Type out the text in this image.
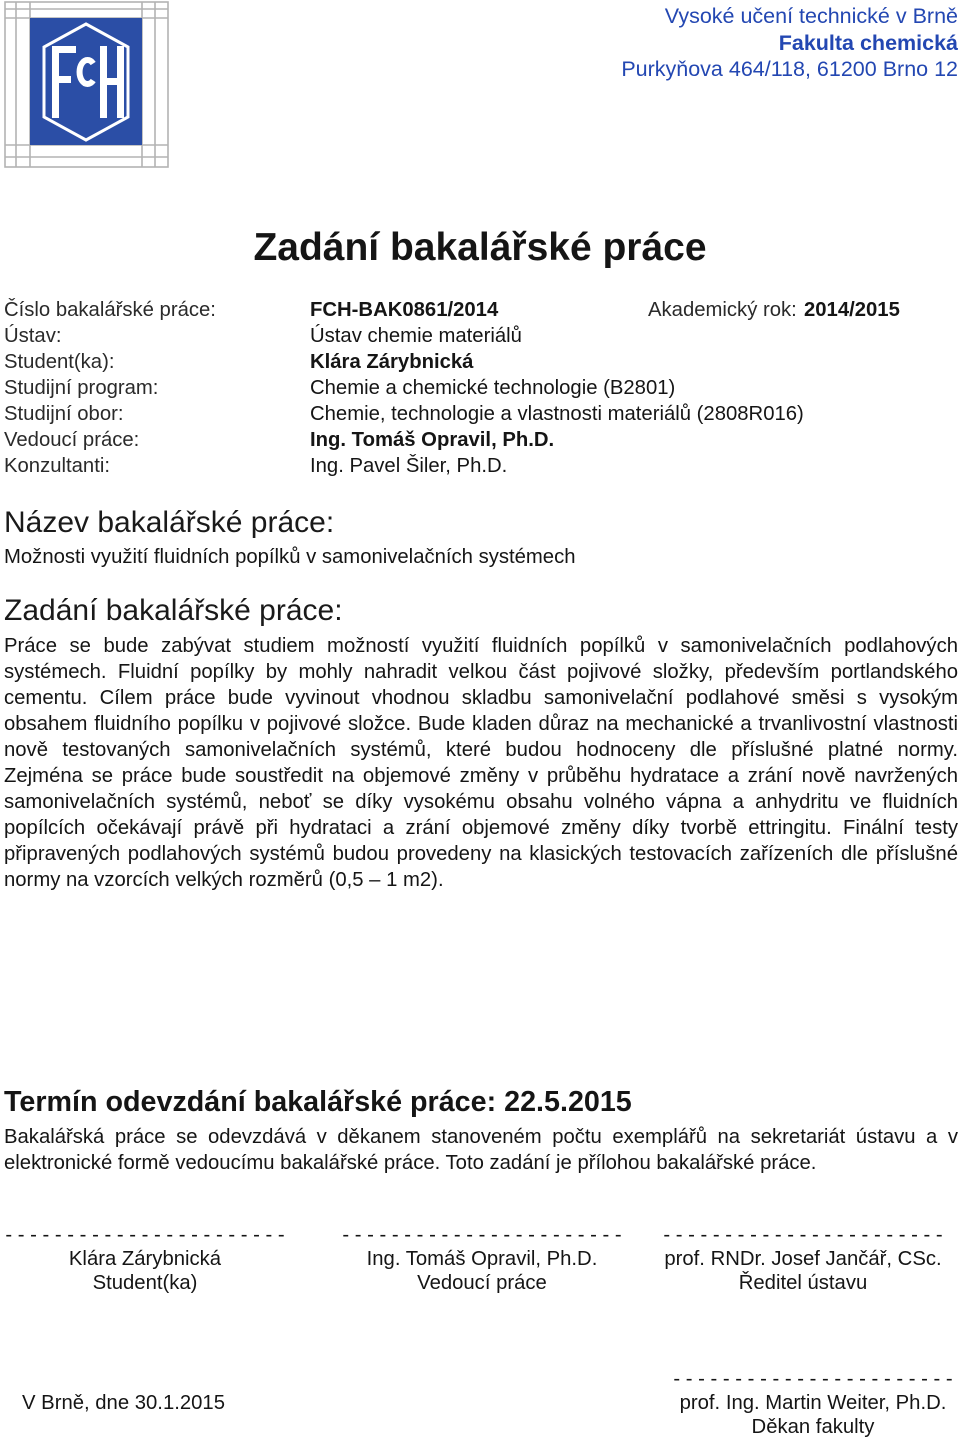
Vysoké učení technické v Brně
Fakulta chemická
Purkyňova 464/118, 61200 Brno 12
Zadání bakalářské práce
Číslo bakalářské práce:	FCH-BAK0861/2014	Akademický rok: 2014/2015
Ústav:	Ústav chemie materiálů
Student(ka):	Klára Zárybnická
Studijní program:	Chemie a chemické technologie (B2801)
Studijní obor:	Chemie, technologie a vlastnosti materiálů (2808R016)
Vedoucí práce:	Ing. Tomáš Opravil, Ph.D.
Konzultanti:	Ing. Pavel Šiler, Ph.D.
Název bakalářské práce:
Možnosti využití fluidních popílků v samonivelačních systémech
Zadání bakalářské práce:
Práce se bude zabývat studiem možností využití fluidních popílků v samonivelačních podlahových
systémech. Fluidní popílky by mohly nahradit velkou část pojivové složky, především portlandského
cementu. Cílem práce bude vyvinout vhodnou skladbu samonivelační podlahové směsi s vysokým
obsahem fluidního popílku v pojivové složce. Bude kladen důraz na mechanické a trvanlivostní vlastnosti
nově testovaných samonivelačních systémů, které budou hodnoceny dle příslušné platné normy.
Zejména se práce bude soustředit na objemové změny v průběhu hydratace a zrání nově navržených
samonivelačních systémů, neboť se díky vysokému obsahu volného vápna a anhydritu ve fluidních
popílcích očekávají právě při hydrataci a zrání objemové změny díky tvorbě ettringitu. Finální testy
připravených podlahových systémů budou provedeny na klasických testovacích zařízeních dle příslušné
normy na vzorcích velkých rozměrů (0,5 – 1 m2).
Termín odevzdání bakalářské práce: 22.5.2015
Bakalářská práce se odevzdává v děkanem stanoveném počtu exemplářů na sekretariát ústavu a v
elektronické formě vedoucímu bakalářské práce. Toto zadání je přílohou bakalářské práce.
- - - - - - - - - - - - - - - - - - - - - - -
Klára Zárybnická
Student(ka)
- - - - - - - - - - - - - - - - - - - - - - -
Ing. Tomáš Opravil, Ph.D.
Vedoucí práce
- - - - - - - - - - - - - - - - - - - - - - -
prof. RNDr. Josef Jančář, CSc.
Ředitel ústavu
V Brně, dne 30.1.2015
- - - - - - - - - - - - - - - - - - - - - - -
prof. Ing. Martin Weiter, Ph.D.
Děkan fakulty
